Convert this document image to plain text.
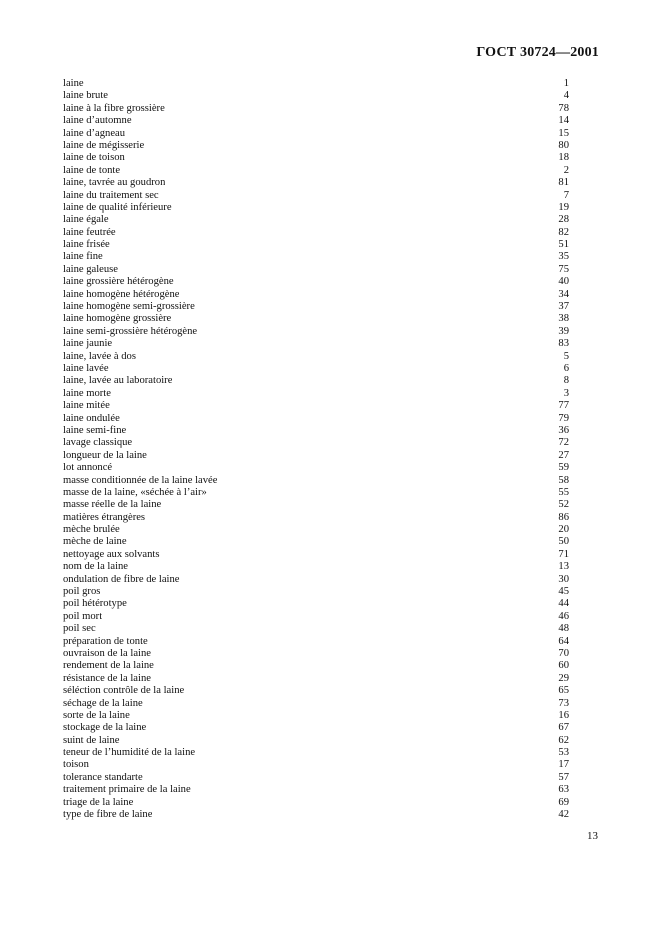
ГОСТ 30724—2001
laine	1
laine brute	4
laine à la fibre grossière	78
laine d’automne	14
laine d’agneau	15
laine de mégisserie	80
laine de toison	18
laine de tonte	2
laine, tavrée au goudron	81
laine du traitement sec	7
laine de qualité inférieure	19
laine égale	28
laine feutrée	82
laine frisée	51
laine fine	35
laine galeuse	75
laine grossière hétérogène	40
laine homogène hétérogène	34
laine homogène semi-grossière	37
laine homogène grossière	38
laine semi-grossière hétérogène	39
laine jaunie	83
laine, lavée à dos	5
laine lavée	6
laine, lavée au laboratoire	8
laine morte	3
laine mitée	77
laine ondulée	79
laine semi-fine	36
lavage classique	72
longueur de la laine	27
lot annoncé	59
masse conditionnée de la laine lavée	58
masse de la laine, «séchée à l’air»	55
masse réelle de la laine	52
matières étrangères	86
mèche brulée	20
mèche de laine	50
nettoyage aux solvants	71
nom de la laine	13
ondulation de fibre de laine	30
poil gros	45
poil hétérotype	44
poil mort	46
poil sec	48
préparation de tonte	64
ouvraison de la laine	70
rendement de la laine	60
résistance de la laine	29
séléction contrôle de la laine	65
séchage de la laine	73
sorte de la laine	16
stockage de la laine	67
suint de laine	62
teneur de l’humidité de la laine	53
toison	17
tolerance standarte	57
traitement primaire de la laine	63
triage de la laine	69
type de fibre de laine	42
13
